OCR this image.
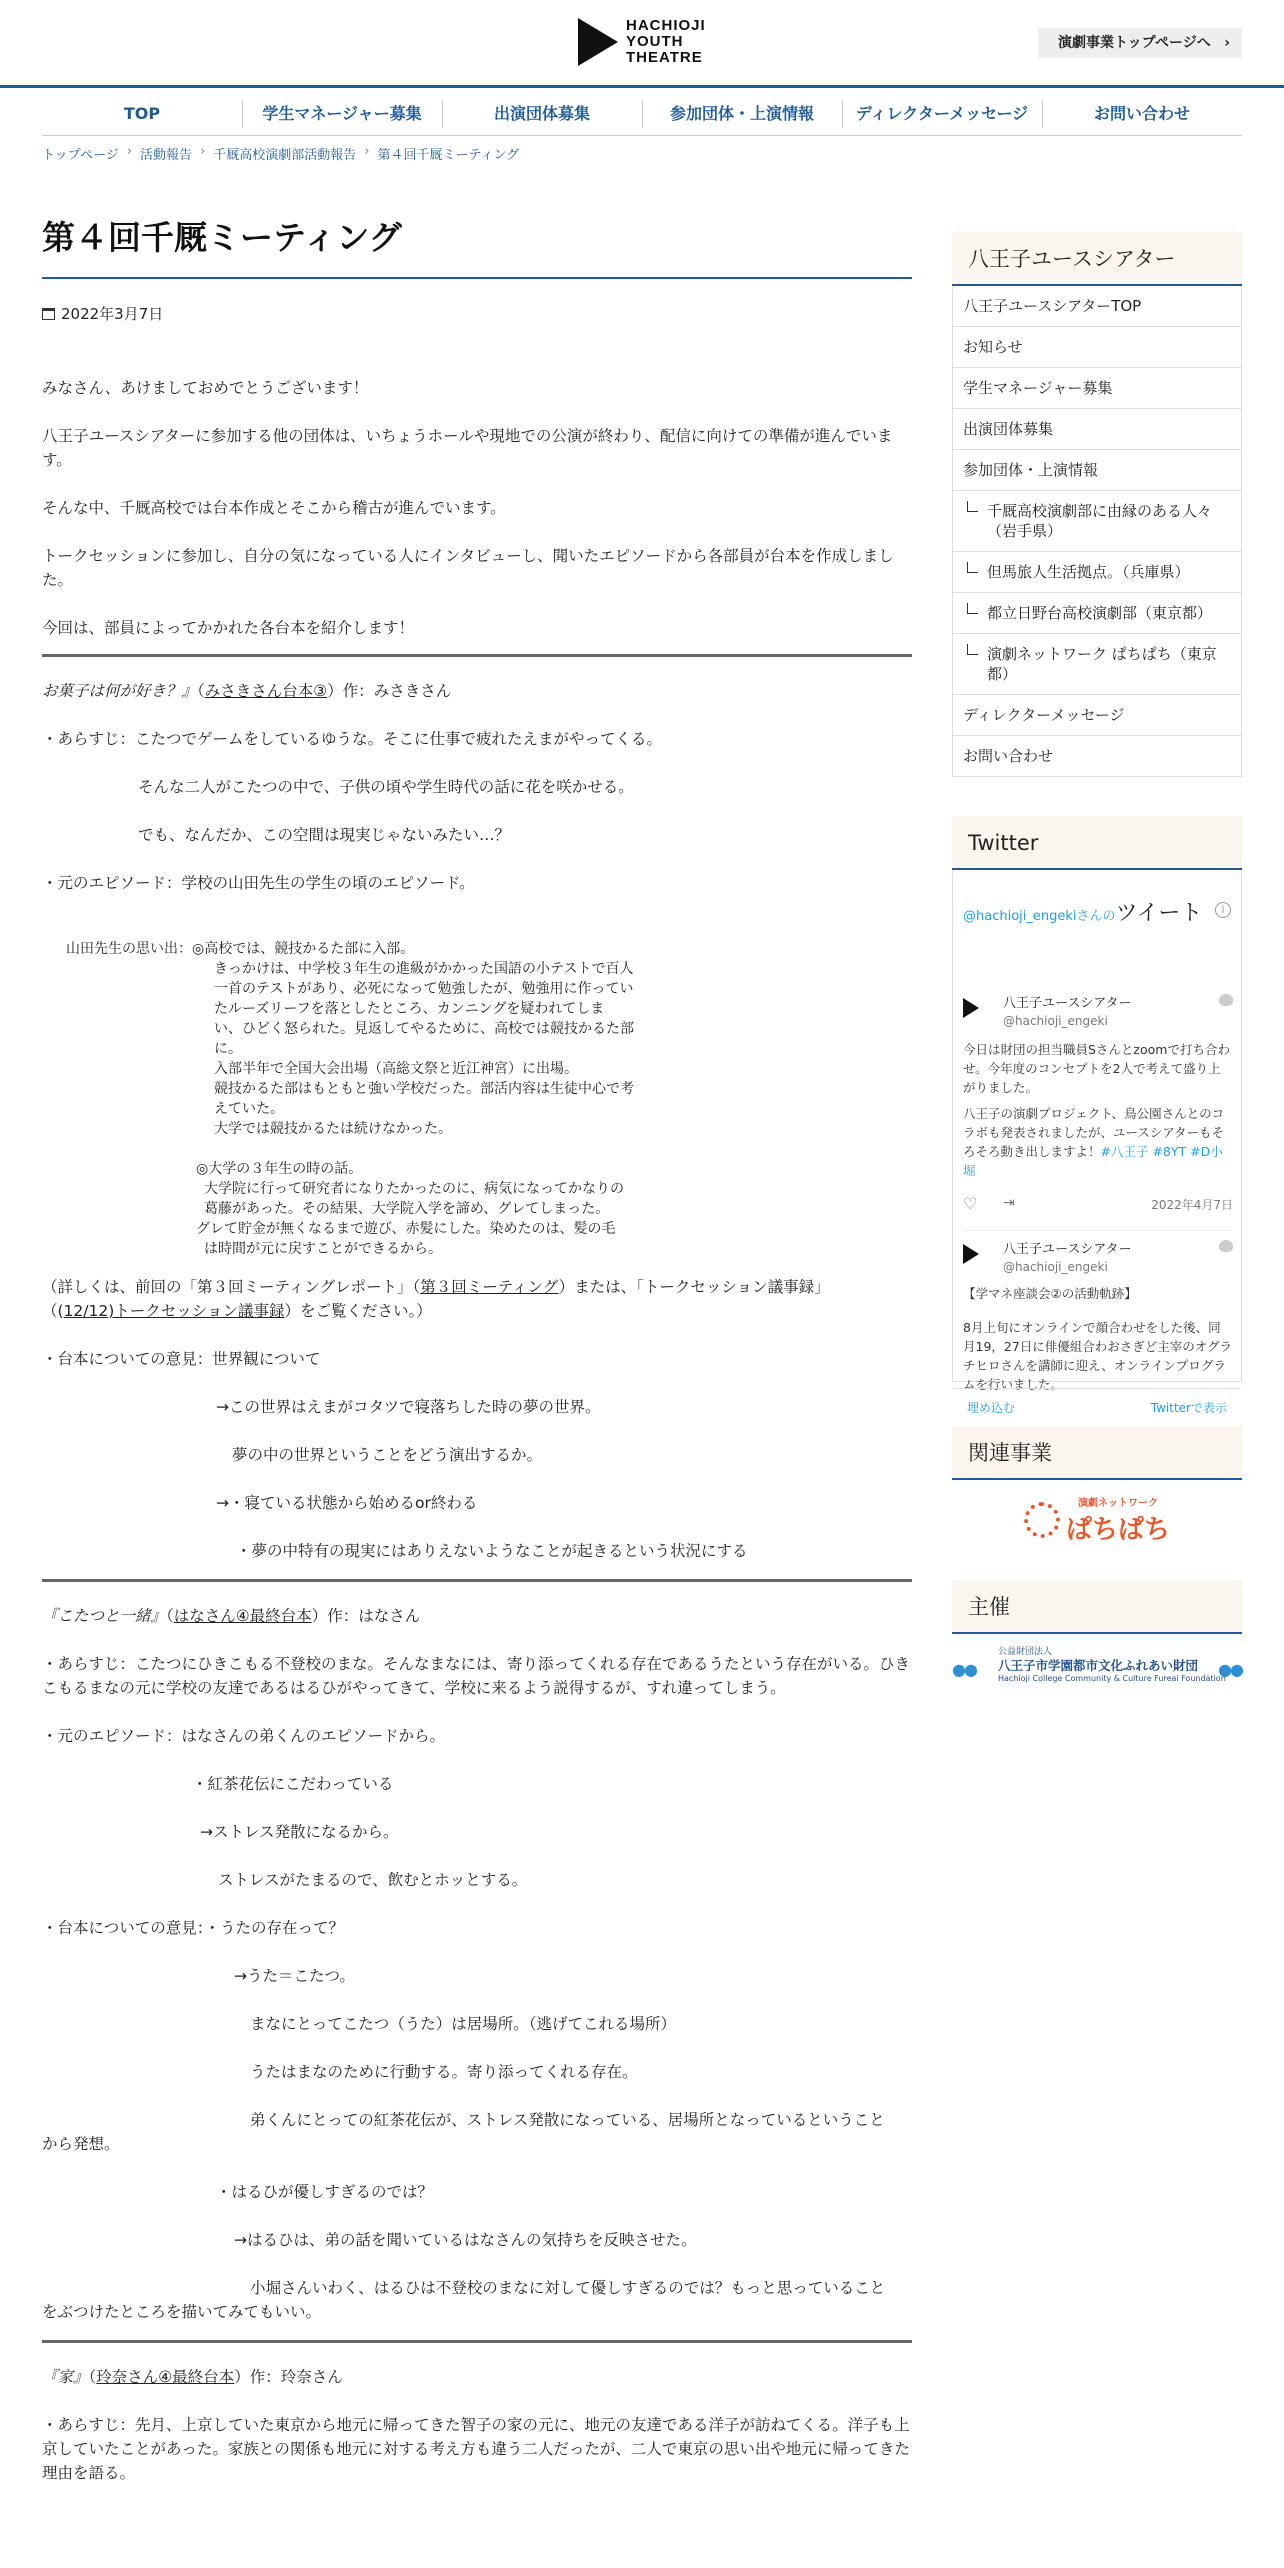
HACHIOJI
YOUTH
THEATRE
演劇事業トップページへ ›
TOP	学生マネージャー募集	出演団体募集	参加団体・上演情報	ディレクターメッセージ	お問い合わせ
トップページ › 活動報告 › 千厩高校演劇部活動報告 › 第４回千厩ミーティング
第４回千厩ミーティング
2022年3月7日
みなさん、あけましておめでとうございます！
八王子ユースシアターに参加する他の団体は、いちょうホールや現地での公演が終わり、配信に向けての準備が進んでいます。
そんな中、千厩高校では台本作成とそこから稽古が進んでいます。
トークセッションに参加し、自分の気になっている人にインタビューし、聞いたエピソードから各部員が台本を作成しました。
今回は、部員によってかかれた各台本を紹介します！
お菓子は何が好き？』（みさきさん台本③）作：みさきさん
・あらすじ：こたつでゲームをしているゆうな。そこに仕事で疲れたえまがやってくる。
そんな二人がこたつの中で、子供の頃や学生時代の話に花を咲かせる。
でも、なんだか、この空間は現実じゃないみたい…？
・元のエピソード：学校の山田先生の学生の頃のエピソード。
山田先生の思い出：◎高校では、競技かるた部に入部。
きっかけは、中学校３年生の進級がかかった国語の小テストで百人
一首のテストがあり、必死になって勉強したが、勉強用に作ってい
たルーズリーフを落としたところ、カンニングを疑われてしま
い、ひどく怒られた。見返してやるために、高校では競技かるた部
に。
入部半年で全国大会出場（高総文祭と近江神宮）に出場。
競技かるた部はもともと強い学校だった。部活内容は生徒中心で考
えていた。
大学では競技かるたは続けなかった。
◎大学の３年生の時の話。
大学院に行って研究者になりたかったのに、病気になってかなりの
葛藤があった。その結果、大学院入学を諦め、グレてしまった。
グレて貯金が無くなるまで遊び、赤髪にした。染めたのは、髪の毛
は時間が元に戻すことができるから。
（詳しくは、前回の「第３回ミーティングレポート」（第３回ミーティング）または、「トークセッション議事録」
（(12/12)トークセッション議事録）をご覧ください。）
・台本についての意見：世界観について
→この世界はえまがコタツで寝落ちした時の夢の世界。
夢の中の世界ということをどう演出するか。
→・寝ている状態から始めるor終わる
・夢の中特有の現実にはありえないようなことが起きるという状況にする
『こたつと一緒』（はなさん④最終台本）作：はなさん
・あらすじ：こたつにひきこもる不登校のまな。そんなまなには、寄り添ってくれる存在であるうたという存在がいる。ひきこもるまなの元に学校の友達であるはるひがやってきて、学校に来るよう説得するが、すれ違ってしまう。
・元のエピソード：はなさんの弟くんのエピソードから。
・紅茶花伝にこだわっている
→ストレス発散になるから。
ストレスがたまるので、飲むとホッとする。
・台本についての意見：・うたの存在って？
→うた＝こたつ。
まなにとってこたつ（うた）は居場所。（逃げてこれる場所）
うたはまなのために行動する。寄り添ってくれる存在。
弟くんにとっての紅茶花伝が、ストレス発散になっている、居場所となっているということ
から発想。
・はるひが優しすぎるのでは？
→はるひは、弟の話を聞いているはなさんの気持ちを反映させた。
小堀さんいわく、はるひは不登校のまなに対して優しすぎるのでは？もっと思っていること
をぶつけたところを描いてみてもいい。
『家』（玲奈さん④最終台本）作：玲奈さん
・あらすじ：先月、上京していた東京から地元に帰ってきた智子の家の元に、地元の友達である洋子が訪ねてくる。洋子も上京していたことがあった。家族との関係も地元に対する考え方も違う二人だったが、二人で東京の思い出や地元に帰ってきた理由を語る。
八王子ユースシアター
八王子ユースシアターTOP
お知らせ
学生マネージャー募集
出演団体募集
参加団体・上演情報
千厩高校演劇部に由縁のある人々（岩手県）
但馬旅人生活拠点。（兵庫県）
都立日野台高校演劇部（東京都）
演劇ネットワーク ぱちぱち（東京都）
ディレクターメッセージ
お問い合わせ
Twitter
@hachioji_engekiさんのツイート	i
八王子ユースシアター
@hachioji_engeki
今日は財団の担当職員Sさんとzoomで打ち合わせ。今年度のコンセプトを2人で考えて盛り上がりました。
八王子の演劇プロジェクト、鳥公園さんとのコラボも発表されましたが、ユースシアターもそろそろ動き出しますよ！#八王子 #8YT #D小堀
♡ ⇥	2022年4月7日
八王子ユースシアター
@hachioji_engeki
【学マネ座談会②の活動軌跡】
8月上旬にオンラインで顔合わせをした後、同月19，27日に俳優組合わおさぎど主宰のオグラチヒロさんを講師に迎え、オンラインプログラムを行いました。
埋め込む	Twitterで表示
関連事業
演劇ネットワーク
ぱちぱち
主催
●●	●●
公益財団法人
八王子市学園都市文化ふれあい財団
Hachioji College Community & Culture Fureai Foundation
